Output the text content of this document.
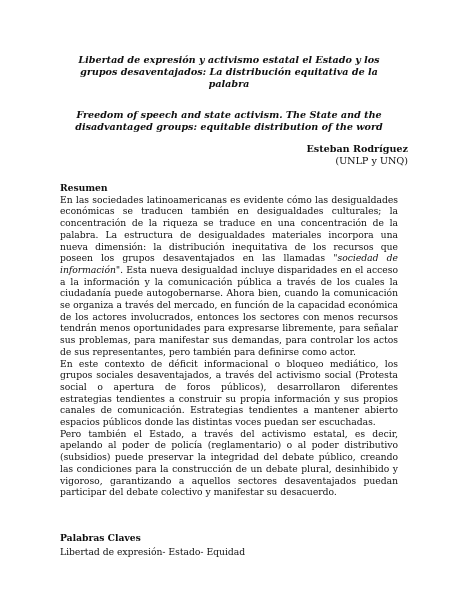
Libertad de expresión y activismo estatal el Estado y los grupos desaventajados: La distribución equitativa de la palabra

Freedom of speech and state activism. The State and the disadvantaged groups: equitable distribution of the word

Esteban Rodríguez
(UNLP y UNQ)
Resumen

En las sociedades latinoamericanas es evidente cómo las desigualdades económicas se traducen también en desigualdades culturales; la concentración de la riqueza se traduce en una concentración de la palabra. La estructura de desigualdades materiales incorpora una nueva dimensión: la distribución inequitativa de los recursos que poseen los grupos desaventajados en las llamadas "sociedad de información". Esta nueva desigualdad incluye disparidades en el acceso a la información y la comunicación pública a través de los cuales la ciudadanía puede autogobernarse. Ahora bien, cuando la comunicación se organiza a través del mercado, en función de la capacidad económica de los actores involucrados, entonces los sectores con menos recursos tendrán menos oportunidades para expresarse libremente, para señalar sus problemas, para manifestar sus demandas, para controlar los actos de sus representantes, pero también para definirse como actor.

En este contexto de déficit informacional o bloqueo mediático, los grupos sociales desaventajados, a través del activismo social (Protesta social o apertura de foros públicos), desarrollaron diferentes estrategias tendientes a construir su propia información y sus propios canales de comunicación. Estrategias tendientes a mantener abierto espacios públicos donde las distintas voces puedan ser escuchadas.

Pero también el Estado, a través del activismo estatal, es decir, apelando al poder de policía (reglamentario) o al poder distributivo (subsidios) puede preservar la integridad del debate público, creando las condiciones para la construcción de un debate plural, desinhibido y vigoroso, garantizando a aquellos sectores desaventajados puedan participar del debate colectivo y manifestar su desacuerdo.

Palabras Claves
Libertad de expresión- Estado- Equidad
